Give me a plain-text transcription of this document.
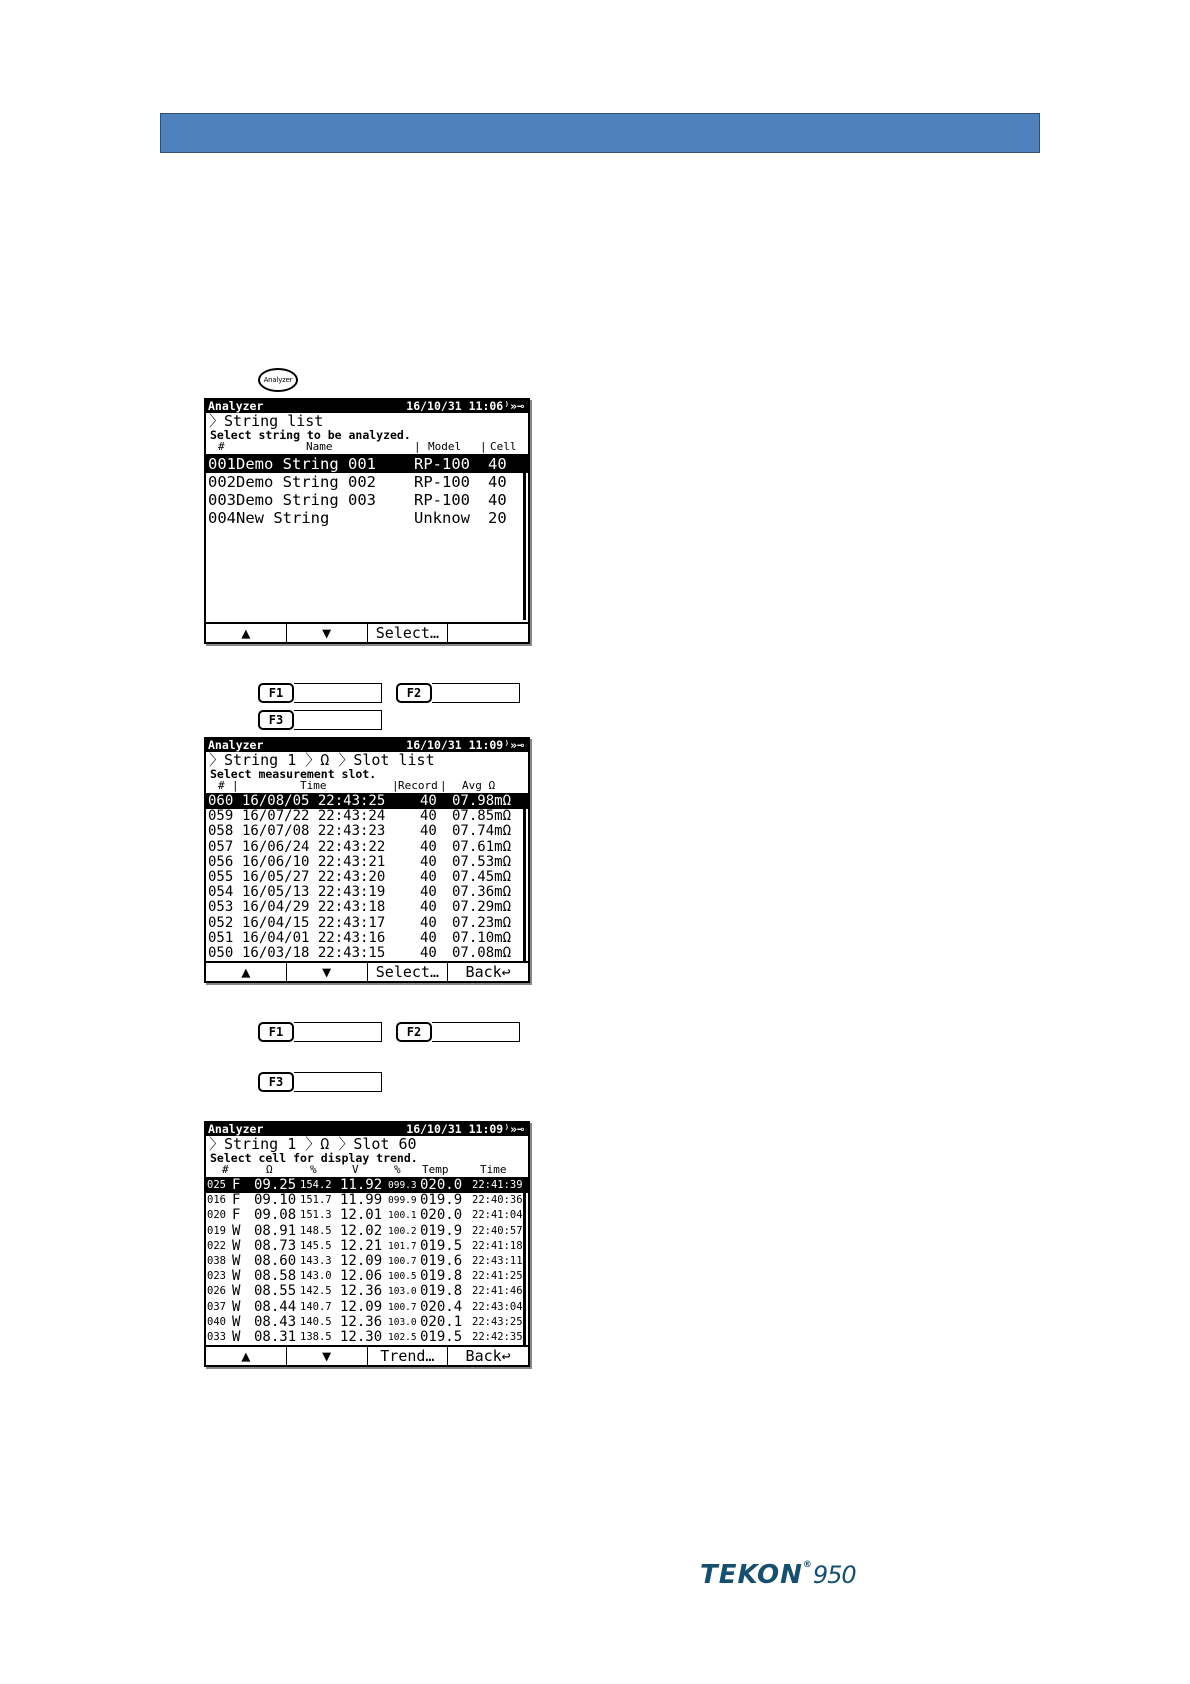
Analyzer
Analyzer	16/10/31 11:06⁾»⊸
〉String list
Select string to be analyzed.
#	Name	| Model | Cell
001 Demo String 001 RP-100 40
002 Demo String 002 RP-100 40
003 Demo String 003 RP-100 40
004 New String	Unknow 20
▲	▼	Select…
F1	F2
F3
Analyzer	16/10/31 11:09⁾»⊸
〉String 1 〉Ω 〉Slot list
Select measurement slot.
# |	Time	| Record | Avg Ω
060 16/08/05 22:43:25 40 07.98mΩ
059 16/07/22 22:43:24 40 07.85mΩ
058 16/07/08 22:43:23 40 07.74mΩ
057 16/06/24 22:43:22 40 07.61mΩ
056 16/06/10 22:43:21 40 07.53mΩ
055 16/05/27 22:43:20 40 07.45mΩ
054 16/05/13 22:43:19 40 07.36mΩ
053 16/04/29 22:43:18 40 07.29mΩ
052 16/04/15 22:43:17 40 07.23mΩ
051 16/04/01 22:43:16 40 07.10mΩ
050 16/03/18 22:43:15 40 07.08mΩ
▲	▼	Select…	Back↩
F1	F2
F3
Analyzer	16/10/31 11:09⁾»⊸
〉String 1 〉Ω 〉Slot 60
Select cell for display trend.
#	Ω	%	V	% Temp	Time
025 F 09.25 154.2 11.92 099.3 020.0 22:41:39
016 F 09.10 151.7 11.99 099.9 019.9 22:40:36
020 F 09.08 151.3 12.01 100.1 020.0 22:41:04
019 W 08.91 148.5 12.02 100.2 019.9 22:40:57
022 W 08.73 145.5 12.21 101.7 019.5 22:41:18
038 W 08.60 143.3 12.09 100.7 019.6 22:43:11
023 W 08.58 143.0 12.06 100.5 019.8 22:41:25
026 W 08.55 142.5 12.36 103.0 019.8 22:41:46
037 W 08.44 140.7 12.09 100.7 020.4 22:43:04
040 W 08.43 140.5 12.36 103.0 020.1 22:43:25
033 W 08.31 138.5 12.30 102.5 019.5 22:42:35
▲	▼	Trend…	Back↩
TEKON®950
